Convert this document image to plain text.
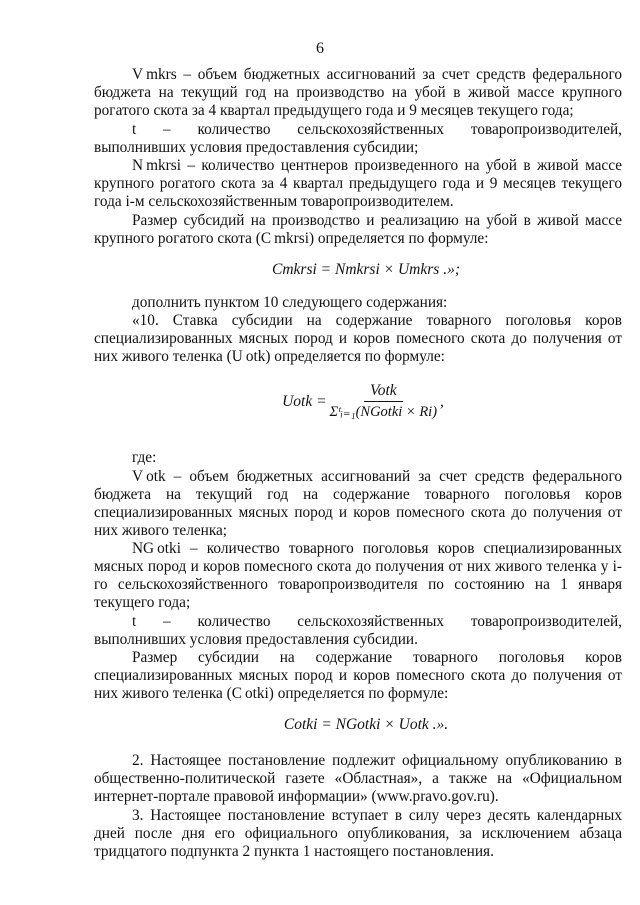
6

V mkrs – объем бюджетных ассигнований за счет средств федерального бюджета на текущий год на производство на убой в живой массе крупного рогатого скота за 4 квартал предыдущего года и 9 месяцев текущего года;

t – количество сельскохозяйственных товаропроизводителей, выполнивших условия предоставления субсидии;

N mkrsi – количество центнеров произведенного на убой в живой массе крупного рогатого скота за 4 квартал предыдущего года и 9 месяцев текущего года i-м сельскохозяйственным товаропроизводителем.

Размер субсидий на производство и реализацию на убой в живой массе крупного рогатого скота (С mkrsi) определяется по формуле:

Cmkrsi = Nmkrsi × Umkrs .»;

дополнить пунктом 10 следующего содержания:

«10. Ставка субсидии на содержание товарного поголовья коров специализированных мясных пород и коров помесного скота до получения от них живого теленка (U otk) определяется по формуле:

Uotk = $\frac{\text{Votk}}{\text{Σᵗᵢ₌₁(NGotki × Ri)}}$ ,

где:

V otk – объем бюджетных ассигнований за счет средств федерального бюджета на текущий год на содержание товарного поголовья коров специализированных мясных пород и коров помесного скота до получения от них живого теленка;

NG otki – количество товарного поголовья коров специализированных мясных пород и коров помесного скота до получения от них живого теленка у i-го сельскохозяйственного товаропроизводителя по состоянию на 1 января текущего года;

t – количество сельскохозяйственных товаропроизводителей, выполнивших условия предоставления субсидии.

Размер субсидии на содержание товарного поголовья коров специализированных мясных пород и коров помесного скота до получения от них живого теленка (С otki) определяется по формуле:

Cotki = NGotki × Uotk .».

2. Настоящее постановление подлежит официальному опубликованию в общественно-политической газете «Областная», а также на «Официальном интернет-портале правовой информации» (www.pravo.gov.ru).

3. Настоящее постановление вступает в силу через десять календарных дней после дня его официального опубликования, за исключением абзаца тридцатого подпункта 2 пункта 1 настоящего постановления.
